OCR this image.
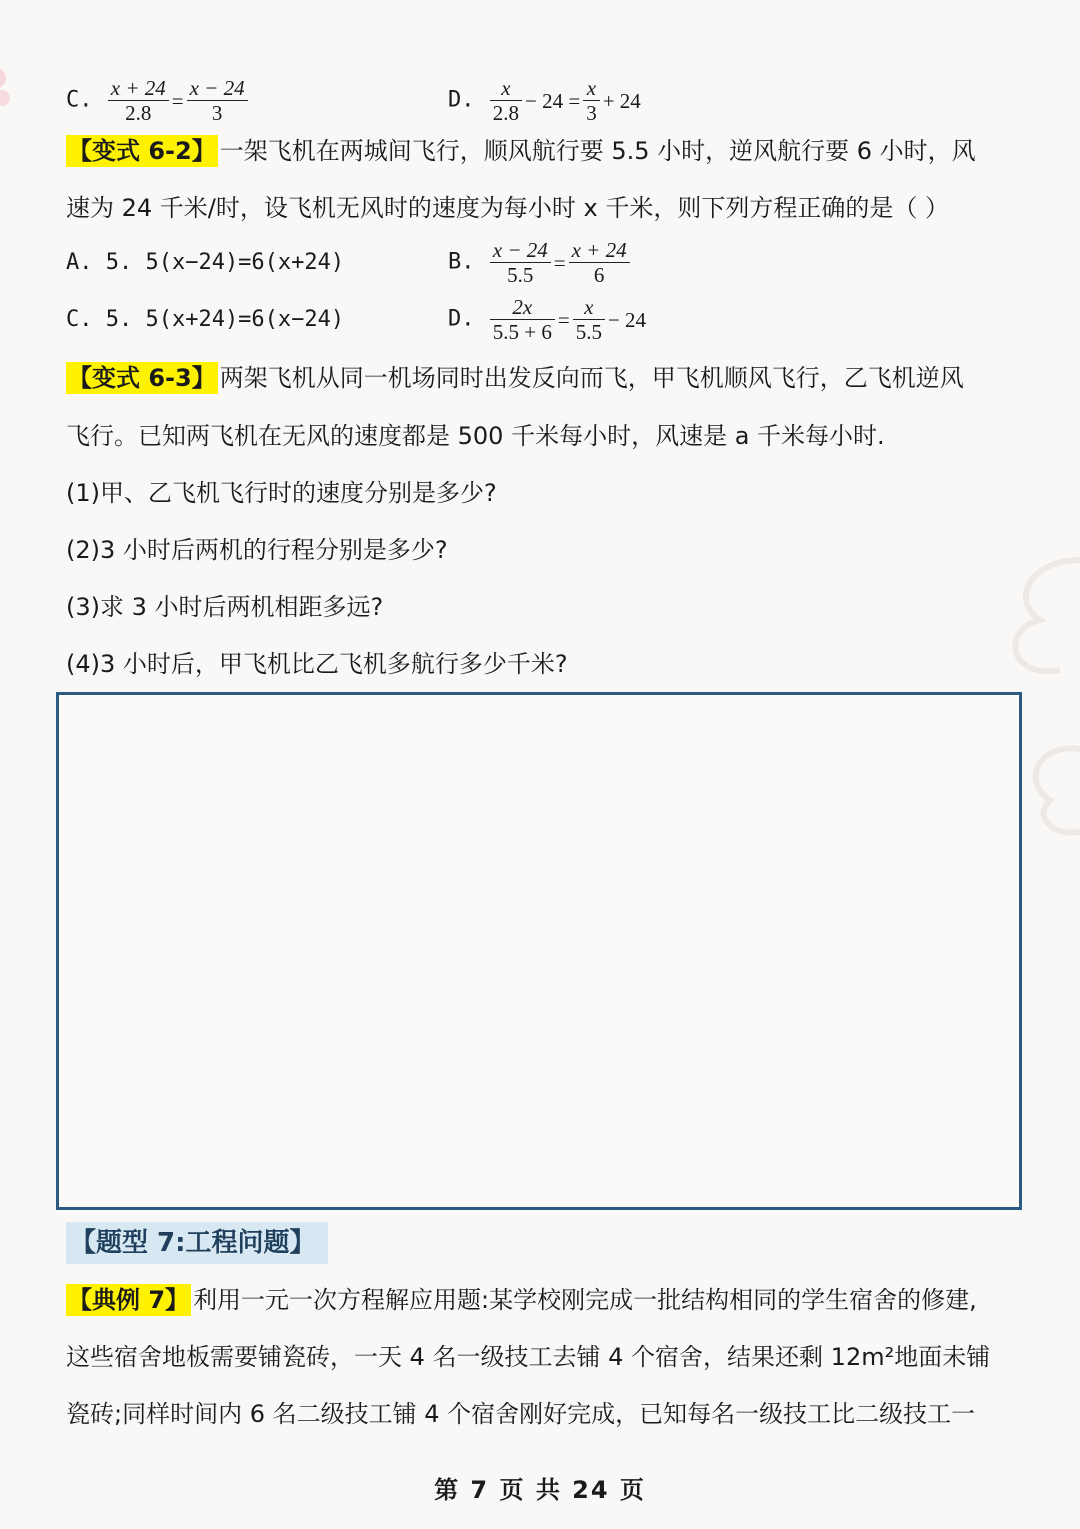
C. $\frac{x + 24}{2.8} = \frac{x - 24}{3}$	D. $\frac{x}{2.8} - 24 = \frac{x}{3} + 24$
【变式 6-2】 一架飞机在两城间飞行，顺风航行要 5.5 小时，逆风航行要 6 小时，风
速为 24 千米/时，设飞机无风时的速度为每小时 x 千米，则下列方程正确的是（ ）
A. 5. 5(x−24)=6(x+24)	B. $\frac{x - 24}{5.5} = \frac{x + 24}{6}$
C. 5. 5(x+24)=6(x−24)	D. $\frac{2x}{5.5 + 6} = \frac{x}{5.5} - 24$
【变式 6-3】 两架飞机从同一机场同时出发反向而飞，甲飞机顺风飞行，乙飞机逆风
飞行。已知两飞机在无风的速度都是 500 千米每小时，风速是 a 千米每小时.
(1)甲、乙飞机飞行时的速度分别是多少?
(2)3 小时后两机的行程分别是多少?
(3)求 3 小时后两机相距多远?
(4)3 小时后，甲飞机比乙飞机多航行多少千米?
【题型 7:工程问题】
【典例 7】 利用一元一次方程解应用题:某学校刚完成一批结构相同的学生宿舍的修建,
这些宿舍地板需要铺瓷砖，一天 4 名一级技工去铺 4 个宿舍，结果还剩 12m²地面未铺
瓷砖;同样时间内 6 名二级技工铺 4 个宿舍刚好完成，已知每名一级技工比二级技工一
第 7 页 共 24 页
